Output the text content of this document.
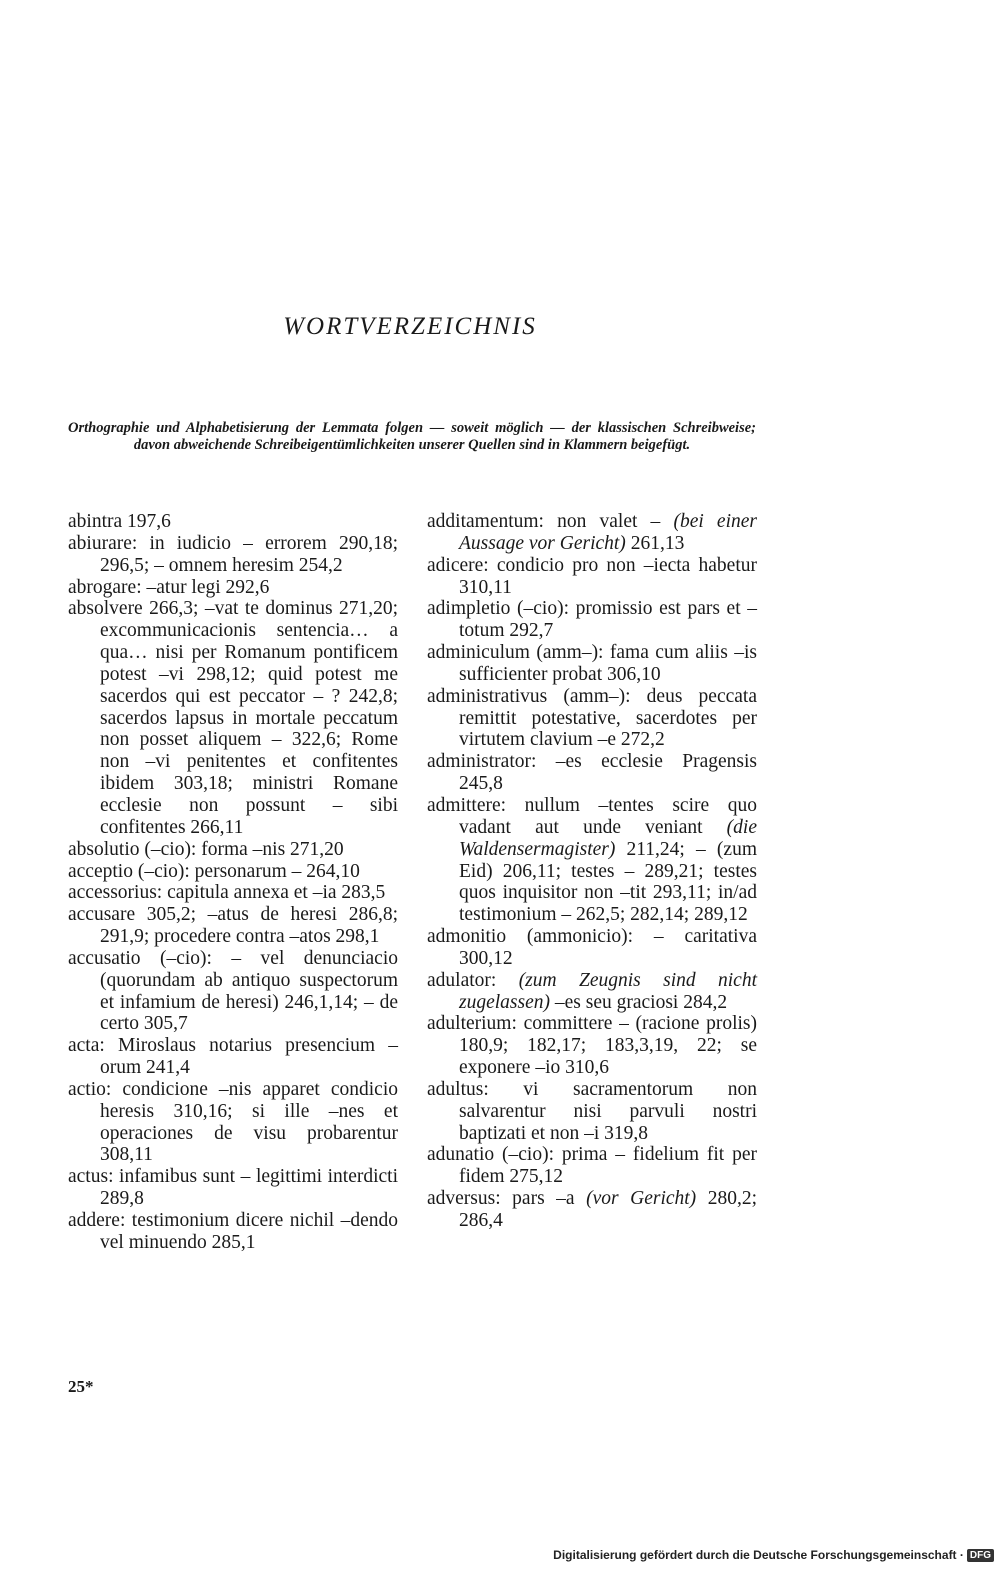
WORTVERZEICHNIS
Orthographie und Alphabetisierung der Lemmata folgen — soweit möglich — der klassischen Schreibweise; davon abweichende Schreibeigentümlichkeiten unserer Quellen sind in Klammern beigefügt.
abintra 197,6
abiurare: in iudicio – errorem 290,18; 296,5; – omnem heresim 254,2
abrogare: –atur legi 292,6
absolvere 266,3; –vat te dominus 271,20; excommunicacionis sentencia… a qua… nisi per Romanum pontificem potest –vi 298,12; quid potest me sacerdos qui est peccator – ? 242,8; sacerdos lapsus in mortale peccatum non posset aliquem – 322,6; Rome non –vi penitentes et confitentes ibidem 303,18; ministri Romane ecclesie non possunt – sibi confitentes 266,11
absolutio (–cio): forma –nis 271,20
acceptio (–cio): personarum – 264,10
accessorius: capitula annexa et –ia 283,5
accusare 305,2; –atus de heresi 286,8; 291,9; procedere contra –atos 298,1
accusatio (–cio): – vel denunciacio (quorundam ab antiquo suspectorum et infamium de heresi) 246,1,14; – de certo 305,7
acta: Miroslaus notarius presencium –orum 241,4
actio: condicione –nis apparet condicio heresis 310,16; si ille –nes et operaciones de visu probarentur 308,11
actus: infamibus sunt – legittimi interdicti 289,8
addere: testimonium dicere nichil –dendo vel minuendo 285,1
additamentum: non valet – (bei einer Aussage vor Gericht) 261,13
adicere: condicio pro non –iecta habetur 310,11
adimpletio (–cio): promissio est pars et – totum 292,7
adminiculum (amm–): fama cum aliis –is sufficienter probat 306,10
administrativus (amm–): deus peccata remittit potestative, sacerdotes per virtutem clavium –e 272,2
administrator: –es ecclesie Pragensis 245,8
admittere: nullum –tentes scire quo vadant aut unde veniant (die Waldensermagister) 211,24; – (zum Eid) 206,11; testes – 289,21; testes quos inquisitor non –tit 293,11; in/ad testimonium – 262,5; 282,14; 289,12
admonitio (ammonicio): – caritativa 300,12
adulator: (zum Zeugnis sind nicht zugelassen) –es seu graciosi 284,2
adulterium: committere – (racione prolis) 180,9; 182,17; 183,3,19, 22; se exponere –io 310,6
adultus: vi sacramentorum non salvarentur nisi parvuli nostri baptizati et non –i 319,8
adunatio (–cio): prima – fidelium fit per fidem 275,12
adversus: pars –a (vor Gericht) 280,2; 286,4
25*
Digitalisierung gefördert durch die Deutsche Forschungsgemeinschaft · DFG
